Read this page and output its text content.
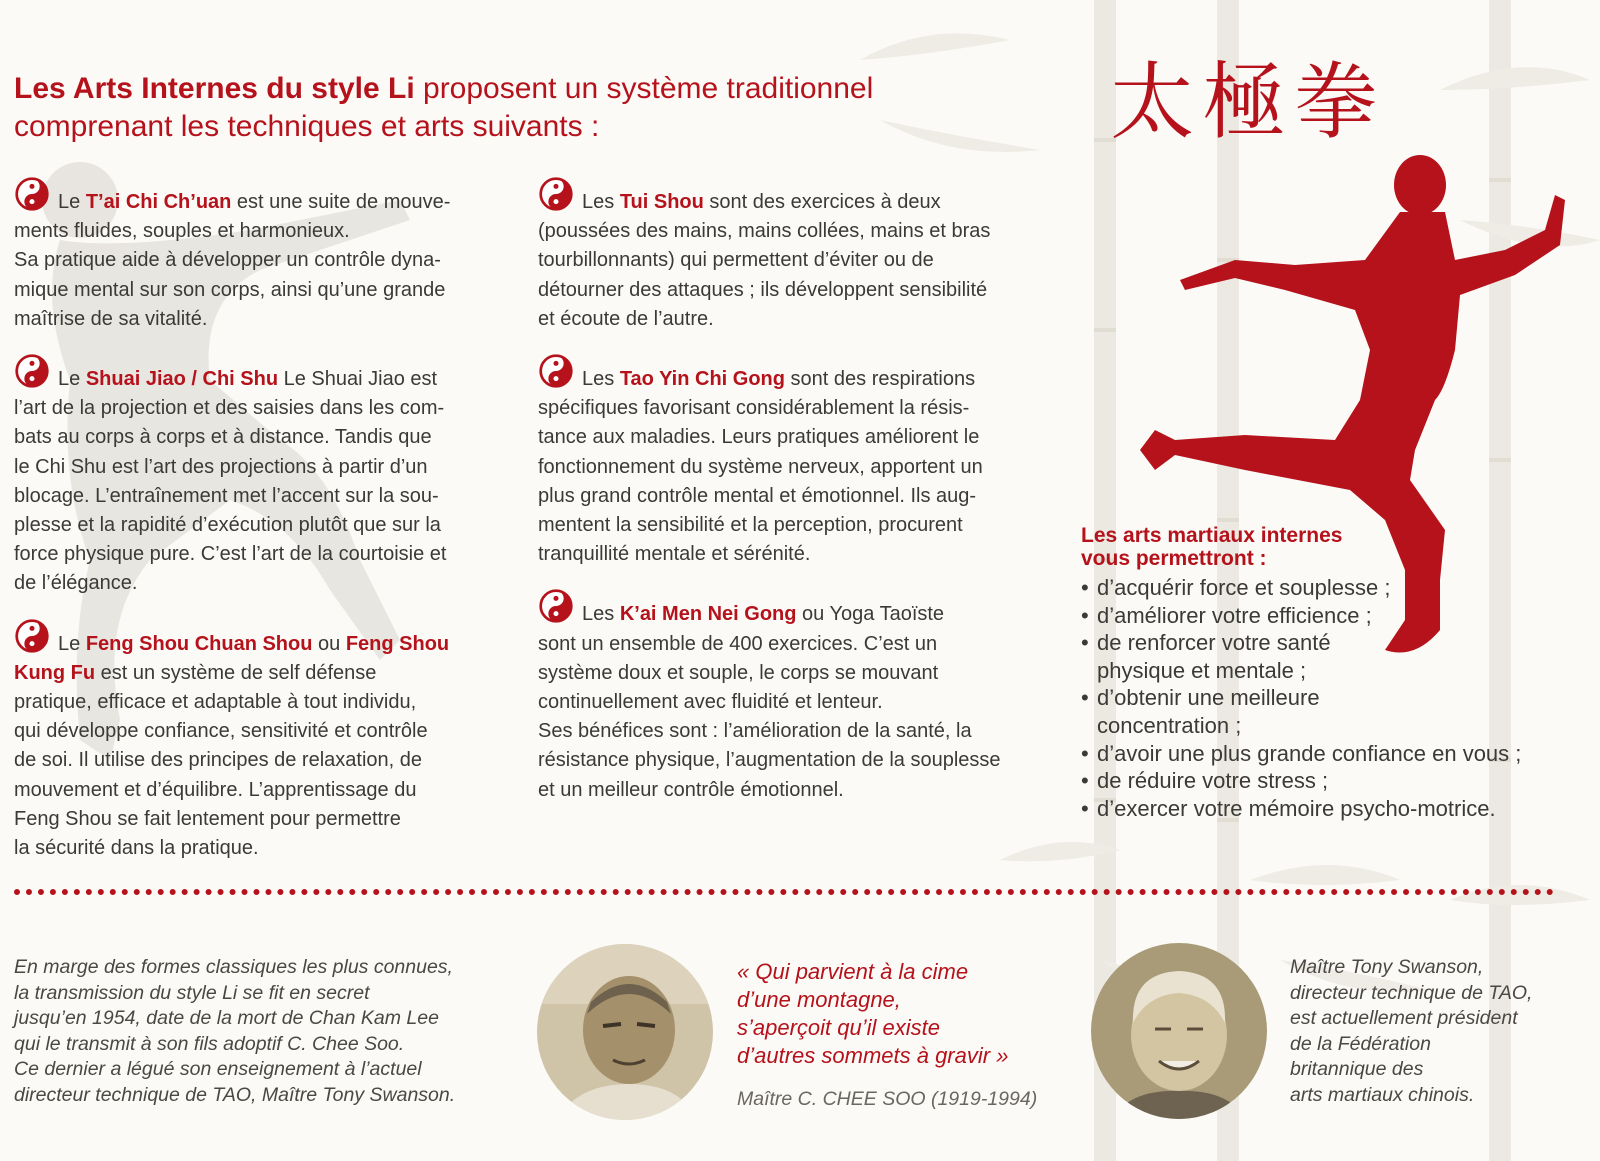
Les Arts Internes du style Li proposent un système traditionnel
comprenant les techniques et arts suivants :	太極拳

Le T’ai Chi Ch’uan est une suite de mouve-
ments fluides, souples et harmonieux.
Sa pratique aide à développer un contrôle dyna-
mique mental sur son corps, ainsi qu’une grande
maîtrise de sa vitalité.

Le Shuai Jiao / Chi Shu Le Shuai Jiao est
l’art de la projection et des saisies dans les com-
bats au corps à corps et à distance. Tandis que
le Chi Shu est l’art des projections à partir d’un
blocage. L’entraînement met l’accent sur la sou-
plesse et la rapidité d’exécution plutôt que sur la
force physique pure. C’est l’art de la courtoisie et
de l’élégance.

Le Feng Shou Chuan Shou ou Feng Shou
Kung Fu est un système de self défense
pratique, efficace et adaptable à tout individu,
qui développe confiance, sensitivité et contrôle
de soi. Il utilise des principes de relaxation, de
mouvement et d’équilibre. L’apprentissage du
Feng Shou se fait lentement pour permettre
la sécurité dans la pratique.

Les Tui Shou sont des exercices à deux
(poussées des mains, mains collées, mains et bras
tourbillonnants) qui permettent d’éviter ou de
détourner des attaques ; ils développent sensibilité
et écoute de l’autre.

Les Tao Yin Chi Gong sont des respirations
spécifiques favorisant considérablement la résis-
tance aux maladies. Leurs pratiques améliorent le
fonctionnement du système nerveux, apportent un
plus grand contrôle mental et émotionnel. Ils aug-
mentent la sensibilité et la perception, procurent
tranquillité mentale et sérénité.

Les K’ai Men Nei Gong ou Yoga Taoïste
sont un ensemble de 400 exercices. C’est un
système doux et souple, le corps se mouvant
continuellement avec fluidité et lenteur.
Ses bénéfices sont : l’amélioration de la santé, la
résistance physique, l’augmentation de la souplesse
et un meilleur contrôle émotionnel.

Les arts martiaux internes
vous permettront :
• d’acquérir force et souplesse ;
• d’améliorer votre efficience ;
• de renforcer votre santé
physique et mentale ;
• d’obtenir une meilleure
concentration ;
• d’avoir une plus grande confiance en vous ;
• de réduire votre stress ;
• d’exercer votre mémoire psycho-motrice.
En marge des formes classiques les plus connues,
la transmission du style Li se fit en secret
jusqu’en 1954, date de la mort de Chan Kam Lee
qui le transmit à son fils adoptif C. Chee Soo.
Ce dernier a légué son enseignement à l’actuel
directeur technique de TAO, Maître Tony Swanson.
« Qui parvient à la cime
d’une montagne,
s’aperçoit qu’il existe
d’autres sommets à gravir »
Maître C. CHEE SOO (1919-1994)
Maître Tony Swanson,
directeur technique de TAO,
est actuellement président
de la Fédération
britannique des
arts martiaux chinois.
